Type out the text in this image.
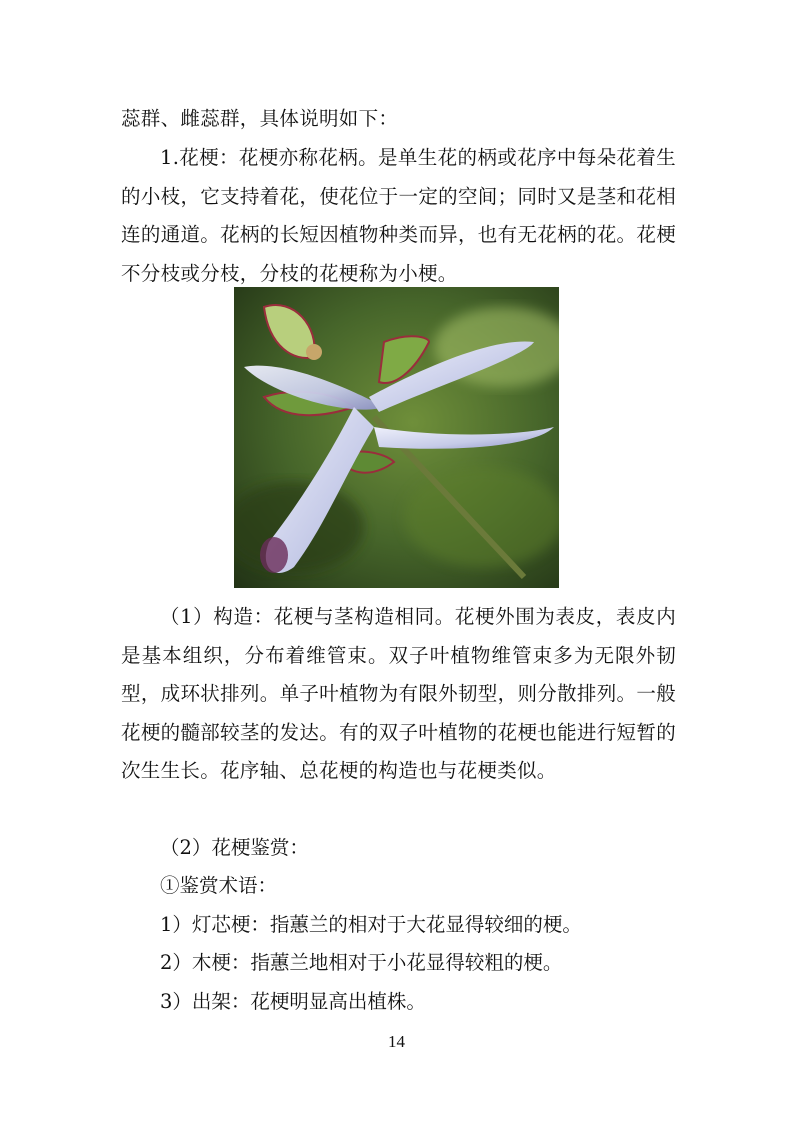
蕊群、雌蕊群，具体说明如下：

1.花梗：花梗亦称花柄。是单生花的柄或花序中每朵花着生的小枝，它支持着花，使花位于一定的空间；同时又是茎和花相连的通道。花柄的长短因植物种类而异，也有无花柄的花。花梗不分枝或分枝，分枝的花梗称为小梗。

（1）构造：花梗与茎构造相同。花梗外围为表皮，表皮内是基本组织，分布着维管束。双子叶植物维管束多为无限外韧型，成环状排列。单子叶植物为有限外韧型，则分散排列。一般花梗的髓部较茎的发达。有的双子叶植物的花梗也能进行短暂的次生生长。花序轴、总花梗的构造也与花梗类似。

（2）花梗鉴赏：

①鉴赏术语：

1）灯芯梗：指蕙兰的相对于大花显得较细的梗。

2）木梗：指蕙兰地相对于小花显得较粗的梗。

3）出架：花梗明显高出植株。

14
